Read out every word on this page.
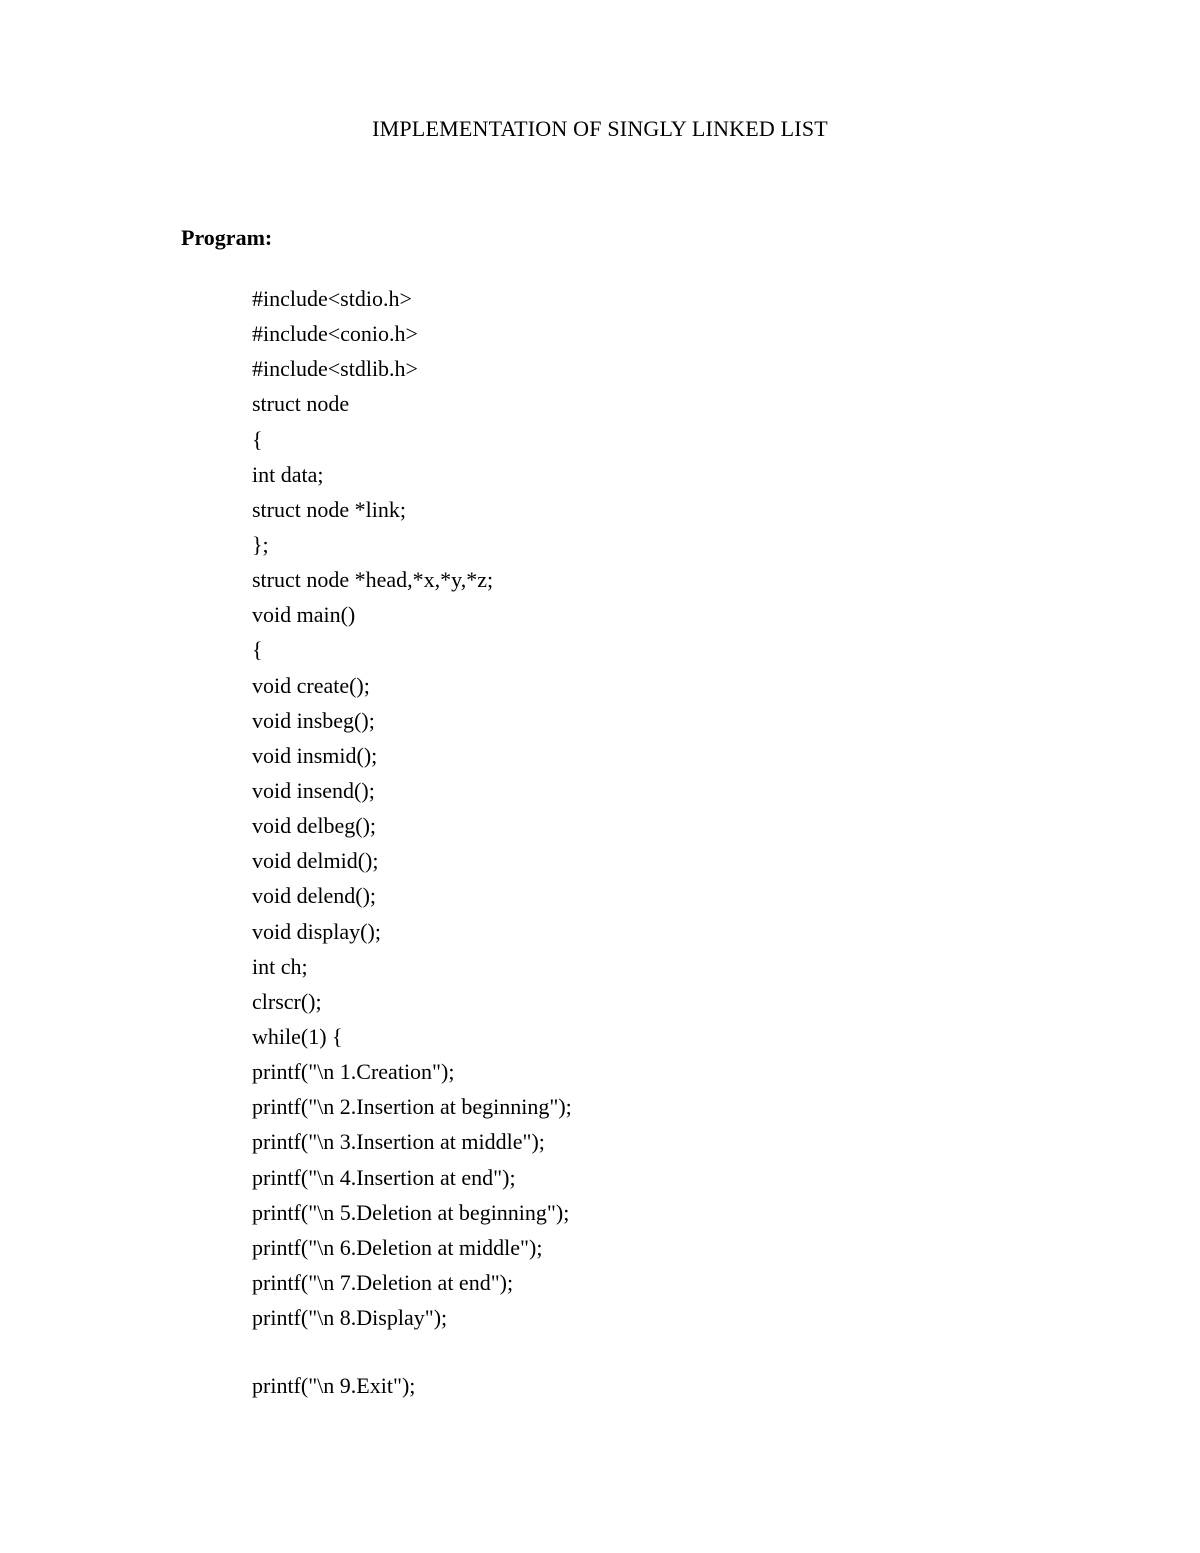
IMPLEMENTATION OF SINGLY LINKED LIST
Program:
#include<stdio.h>
#include<conio.h>
#include<stdlib.h>
struct node
{
int data;
struct node *link;
};
struct node *head,*x,*y,*z;
void main()
{
void create();
void insbeg();
void insmid();
void insend();
void delbeg();
void delmid();
void delend();
void display();
int ch;
clrscr();
while(1) {
printf("\n 1.Creation");
printf("\n 2.Insertion at beginning");
printf("\n 3.Insertion at middle");
printf("\n 4.Insertion at end");
printf("\n 5.Deletion at beginning");
printf("\n 6.Deletion at middle");
printf("\n 7.Deletion at end");
printf("\n 8.Display");
printf("\n 9.Exit");
